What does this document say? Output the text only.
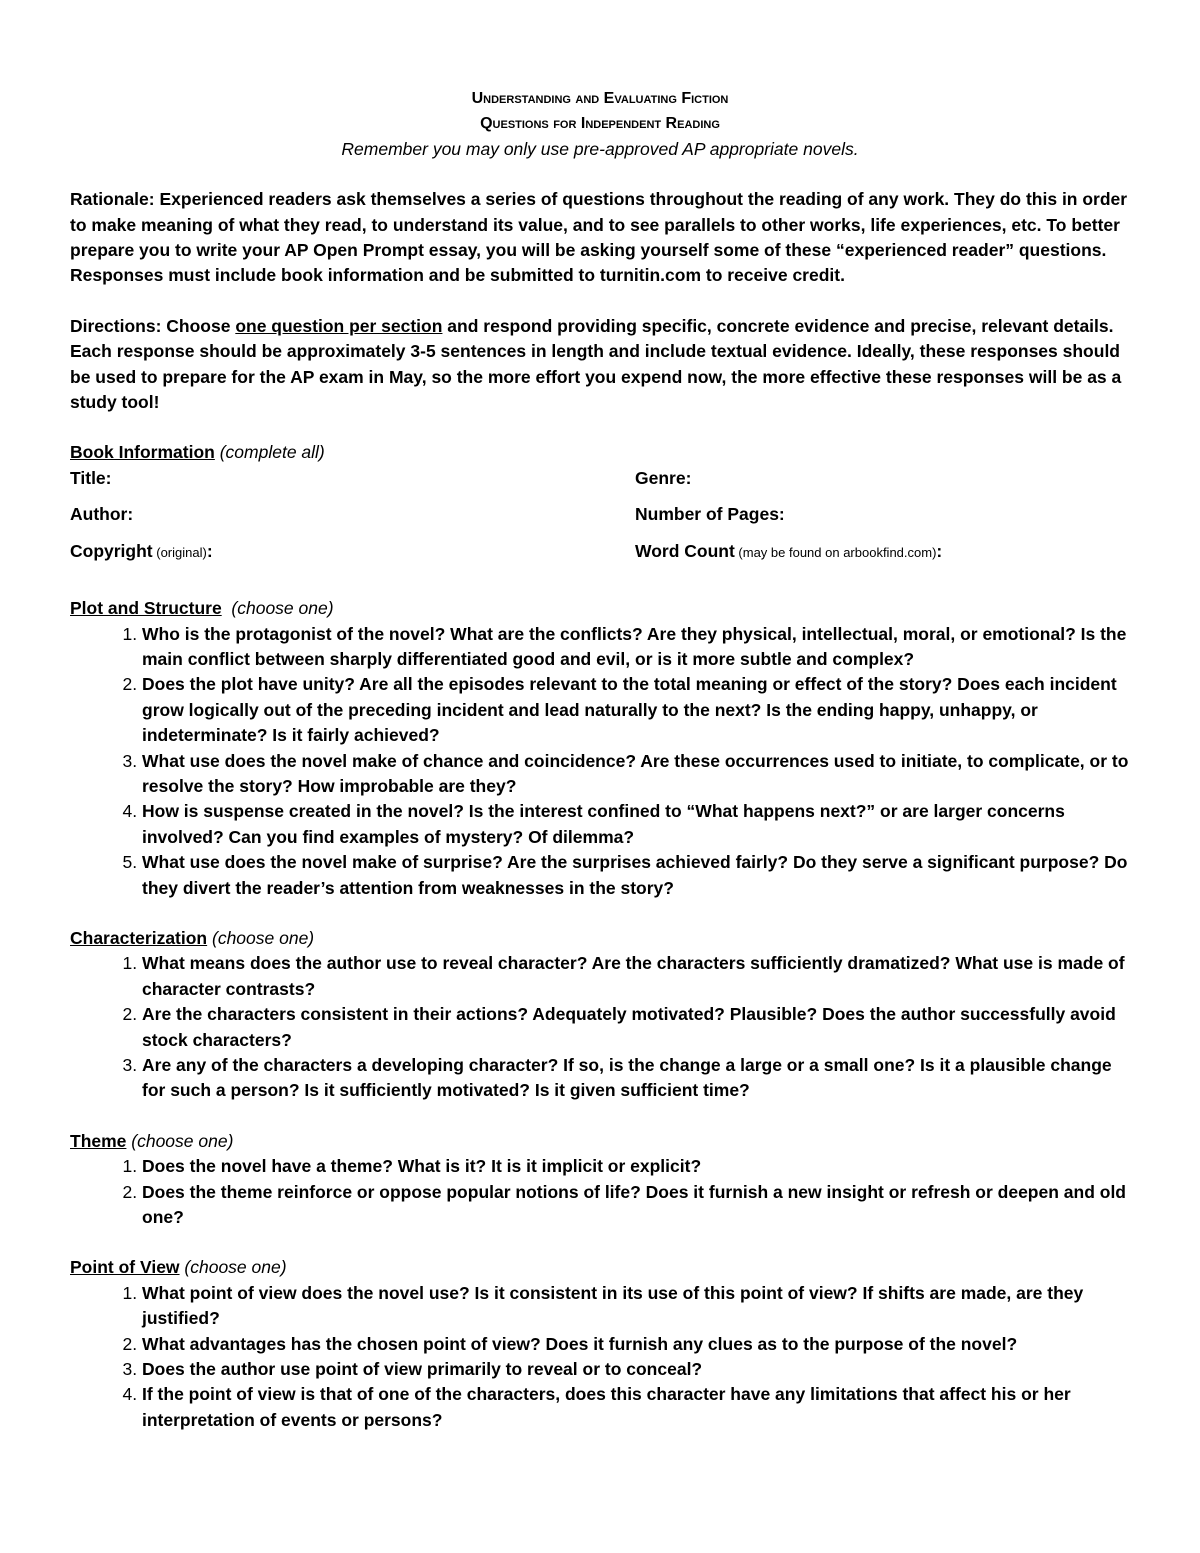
Understanding and Evaluating Fiction
Questions for Independent Reading
Remember you may only use pre-approved AP appropriate novels.

Rationale: Experienced readers ask themselves a series of questions throughout the reading of any work. They do this in order to make meaning of what they read, to understand its value, and to see parallels to other works, life experiences, etc. To better prepare you to write your AP Open Prompt essay, you will be asking yourself some of these “experienced reader” questions. Responses must include book information and be submitted to turnitin.com to receive credit.

Directions: Choose one question per section and respond providing specific, concrete evidence and precise, relevant details. Each response should be approximately 3-5 sentences in length and include textual evidence. Ideally, these responses should be used to prepare for the AP exam in May, so the more effort you expend now, the more effective these responses will be as a study tool!

Book Information (complete all)

Title:	Genre:
Author:	Number of Pages:
Copyright (original):	Word Count (may be found on arbookfind.com):

Plot and Structure  (choose one)

1. Who is the protagonist of the novel? What are the conflicts? Are they physical, intellectual, moral, or emotional? Is the main conflict between sharply differentiated good and evil, or is it more subtle and complex?
2. Does the plot have unity? Are all the episodes relevant to the total meaning or effect of the story? Does each incident grow logically out of the preceding incident and lead naturally to the next? Is the ending happy, unhappy, or indeterminate? Is it fairly achieved?
3. What use does the novel make of chance and coincidence? Are these occurrences used to initiate, to complicate, or to resolve the story? How improbable are they?
4. How is suspense created in the novel? Is the interest confined to “What happens next?” or are larger concerns involved? Can you find examples of mystery? Of dilemma?
5. What use does the novel make of surprise? Are the surprises achieved fairly? Do they serve a significant purpose? Do they divert the reader’s attention from weaknesses in the story?

Characterization (choose one)

1. What means does the author use to reveal character? Are the characters sufficiently dramatized? What use is made of character contrasts?
2. Are the characters consistent in their actions? Adequately motivated? Plausible? Does the author successfully avoid stock characters?
3. Are any of the characters a developing character? If so, is the change a large or a small one? Is it a plausible change for such a person? Is it sufficiently motivated? Is it given sufficient time?

Theme (choose one)

1. Does the novel have a theme? What is it? It is it implicit or explicit?
2. Does the theme reinforce or oppose popular notions of life? Does it furnish a new insight or refresh or deepen and old one?

Point of View (choose one)

1. What point of view does the novel use? Is it consistent in its use of this point of view? If shifts are made, are they justified?
2. What advantages has the chosen point of view? Does it furnish any clues as to the purpose of the novel?
3. Does the author use point of view primarily to reveal or to conceal?
4. If the point of view is that of one of the characters, does this character have any limitations that affect his or her interpretation of events or persons?
